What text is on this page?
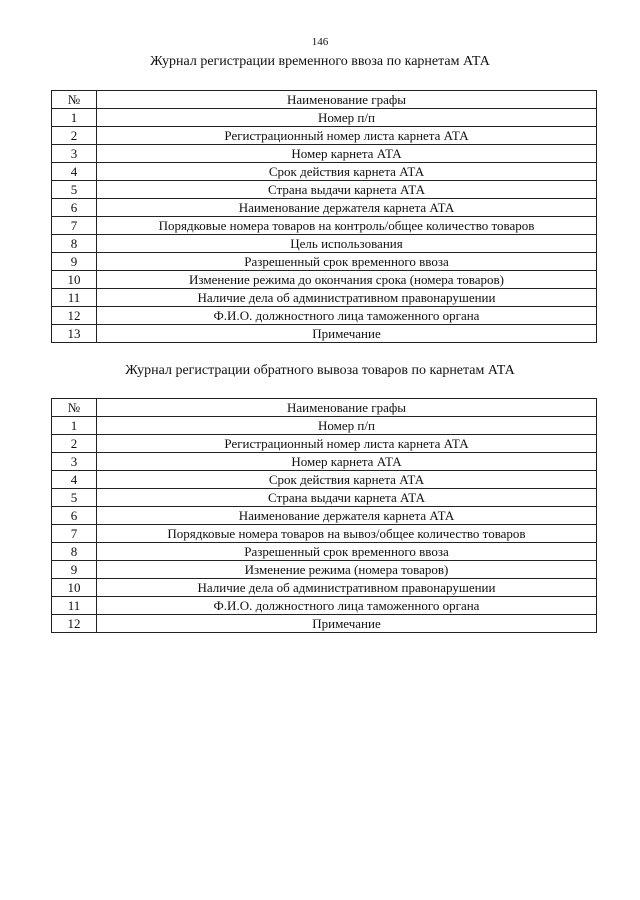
146
Журнал регистрации временного ввоза по карнетам АТА
№	Наименование графы
1	Номер п/п
2	Регистрационный номер листа карнета АТА
3	Номер карнета АТА
4	Срок действия карнета АТА
5	Страна выдачи карнета АТА
6	Наименование держателя карнета АТА
7	Порядковые номера товаров на контроль/общее количество товаров
8	Цель использования
9	Разрешенный срок временного ввоза
10	Изменение режима до окончания срока (номера товаров)
11	Наличие дела об административном правонарушении
12	Ф.И.О. должностного лица таможенного органа
13	Примечание
Журнал регистрации обратного вывоза товаров по карнетам АТА
№	Наименование графы
1	Номер п/п
2	Регистрационный номер листа карнета АТА
3	Номер карнета АТА
4	Срок действия карнета АТА
5	Страна выдачи карнета АТА
6	Наименование держателя карнета АТА
7	Порядковые номера товаров на вывоз/общее количество товаров
8	Разрешенный срок временного ввоза
9	Изменение режима (номера товаров)
10	Наличие дела об административном правонарушении
11	Ф.И.О. должностного лица таможенного органа
12	Примечание
